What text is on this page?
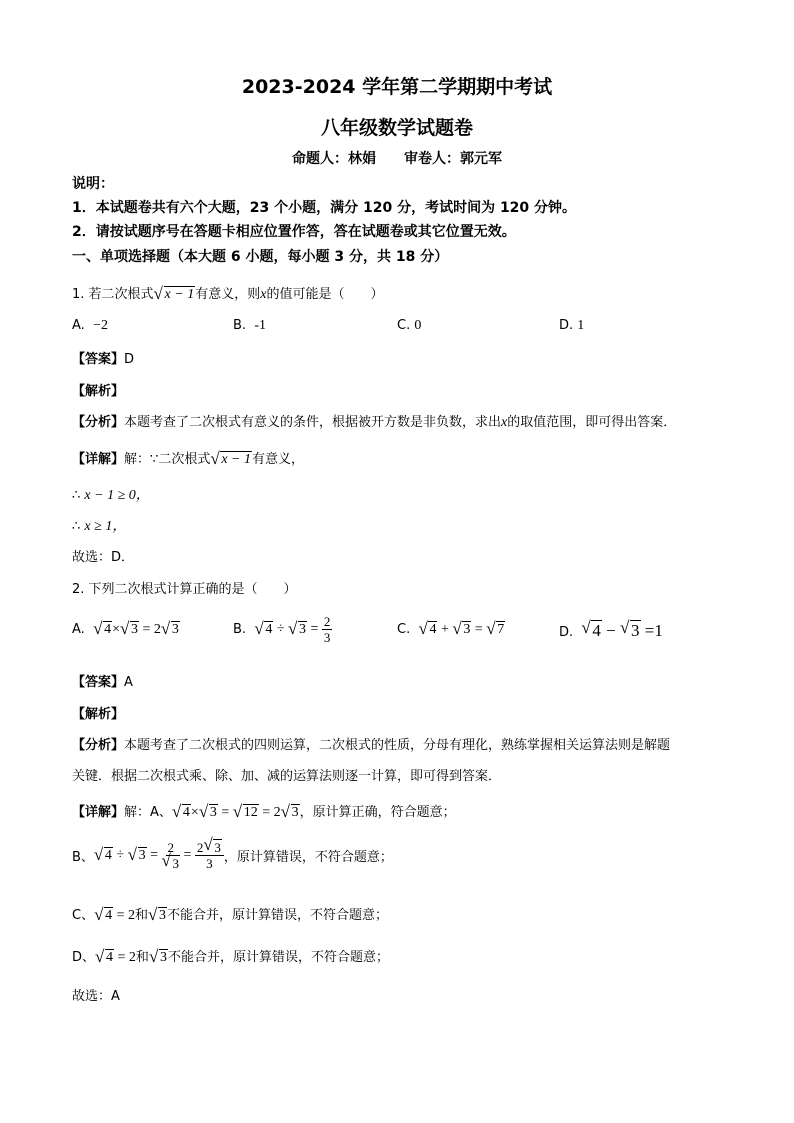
2023-2024 学年第二学期期中考试
八年级数学试题卷
命题人：林娟　　审卷人：郭元军
说明：
1．本试题卷共有六个大题，23 个小题，满分 120 分，考试时间为 120 分钟。
2．请按试题序号在答题卡相应位置作答，答在试题卷或其它位置无效。
一、单项选择题（本大题 6 小题，每小题 3 分，共 18 分）
1. 若二次根式 √ x − 1有意义，则x的值可能是（　　）
A. −2	B. -1	C. 0	D. 1
【答案】D
【解析】
【分析】本题考查了二次根式有意义的条件，根据被开方数是非负数，求出x的取值范围，即可得出答案．
【详解】解：∵二次根式 √ x − 1有意义，
∴ x − 1 ≥ 0，
∴ x ≥ 1，
故选：D．
2. 下列二次根式计算正确的是（　　）
A. √ 4× √ 3 = 2 √ 3	B. √ 4 ÷ √ $3 = \frac{2}{3}$	C. √ 4 + √ 3 = √ 7	D. √ 4 − √ 3 =1
【答案】A
【解析】
【分析】本题考查了二次根式的四则运算，二次根式的性质，分母有理化，熟练掌握相关运算法则是解题
关键．根据二次根式乘、除、加、减的运算法则逐一计算，即可得到答案．
【详解】解：A、 √ 4× √ 3 = √ 12 = 2 √ 3，原计算正确，符合题意；
B、 √ 4 ÷ √ 3 = 2
√ $3 = \frac{2 √ 3}{3}$ ，原计算错误，不符合题意；
C、 √ 4 = 2和 √ 3不能合并，原计算错误，不符合题意；
D、 √ 4 = 2和 √ 3不能合并，原计算错误，不符合题意；
故选：A
